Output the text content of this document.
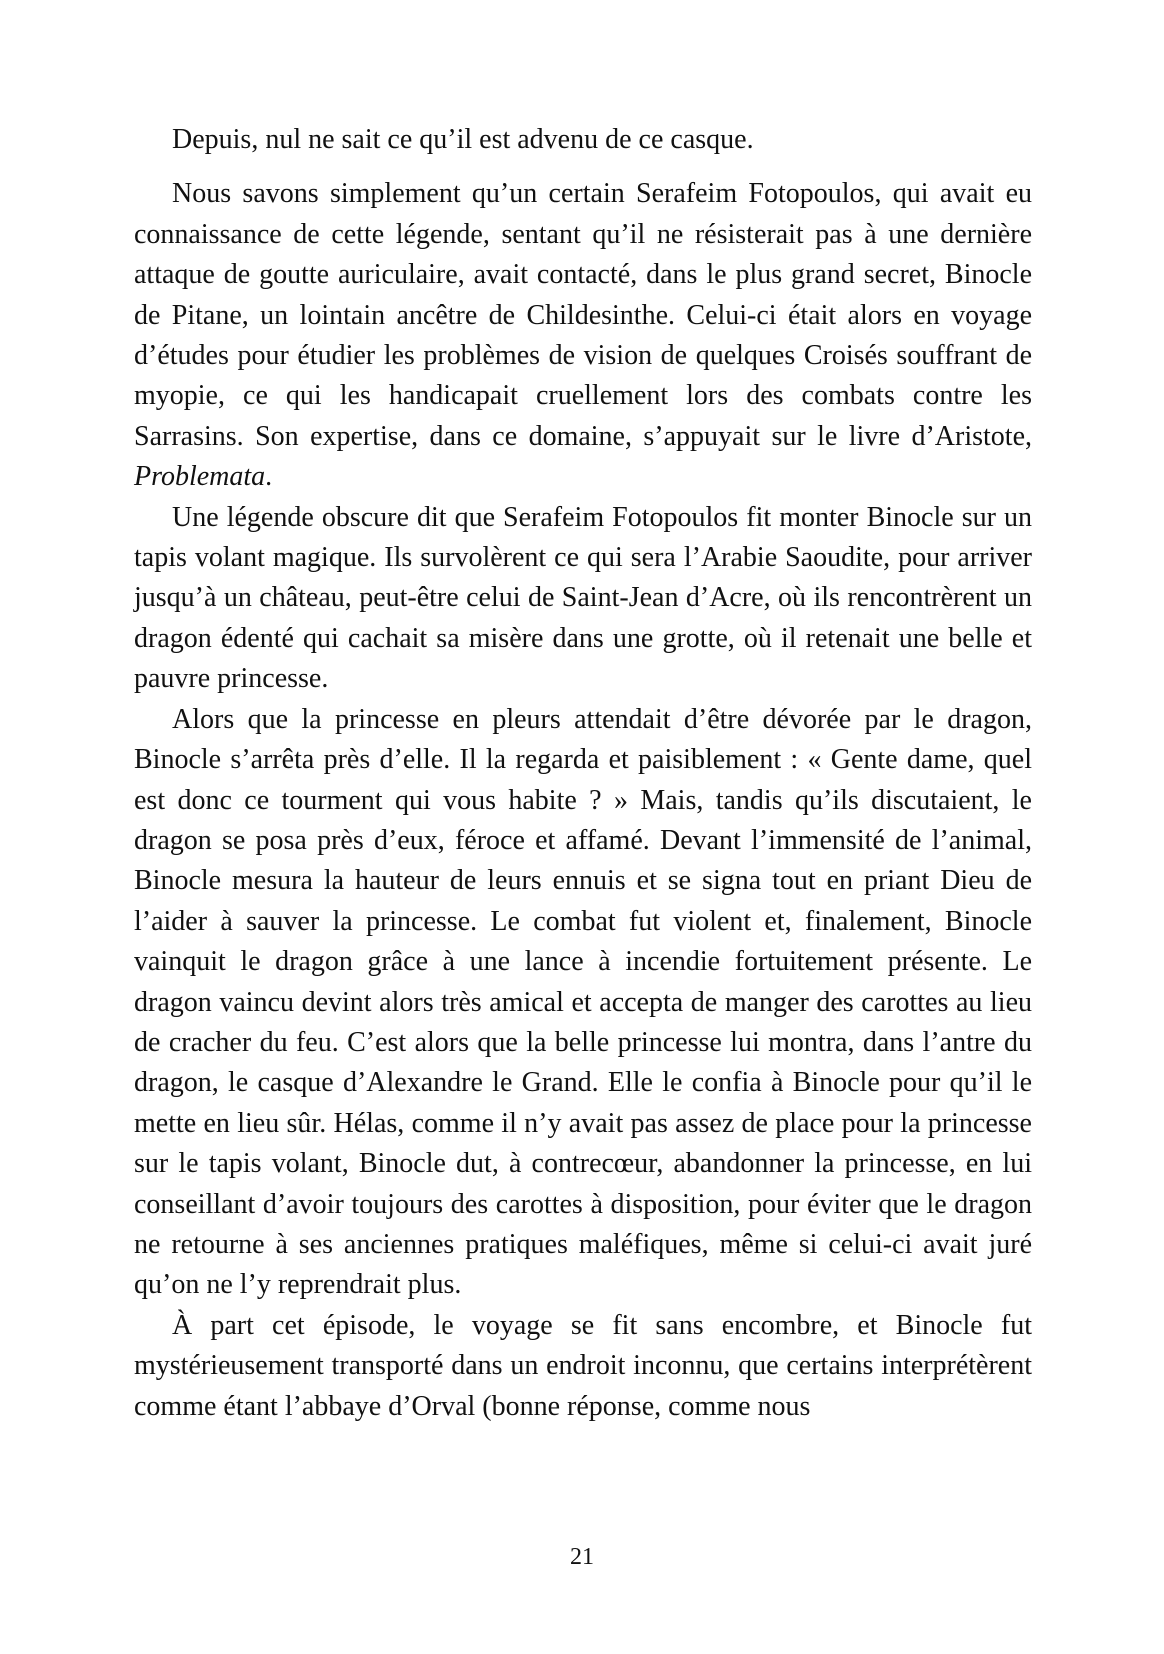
Depuis, nul ne sait ce qu’il est advenu de ce casque.

Nous savons simplement qu’un certain Serafeim Fotopoulos, qui avait eu connaissance de cette légende, sentant qu’il ne résisterait pas à une dernière attaque de goutte auriculaire, avait contacté, dans le plus grand secret, Binocle de Pitane, un lointain ancêtre de Childesinthe. Celui-ci était alors en voyage d’études pour étudier les problèmes de vision de quelques Croisés souffrant de myopie, ce qui les handicapait cruellement lors des combats contre les Sarrasins. Son expertise, dans ce domaine, s’appuyait sur le livre d’Aristote, Problemata.

Une légende obscure dit que Serafeim Fotopoulos fit monter Binocle sur un tapis volant magique. Ils survolèrent ce qui sera l’Arabie Saoudite, pour arriver jusqu’à un château, peut-être celui de Saint-Jean d’Acre, où ils rencontrèrent un dragon édenté qui cachait sa misère dans une grotte, où il retenait une belle et pauvre princesse.

Alors que la princesse en pleurs attendait d’être dévorée par le dragon, Binocle s’arrêta près d’elle. Il la regarda et paisiblement : « Gente dame, quel est donc ce tourment qui vous habite ? » Mais, tandis qu’ils discutaient, le dragon se posa près d’eux, féroce et affamé. Devant l’immensité de l’animal, Binocle mesura la hauteur de leurs ennuis et se signa tout en priant Dieu de l’aider à sauver la princesse. Le combat fut violent et, finalement, Binocle vainquit le dragon grâce à une lance à incendie fortuitement présente. Le dragon vaincu devint alors très amical et accepta de manger des carottes au lieu de cracher du feu. C’est alors que la belle princesse lui montra, dans l’antre du dragon, le casque d’Alexandre le Grand. Elle le confia à Binocle pour qu’il le mette en lieu sûr. Hélas, comme il n’y avait pas assez de place pour la princesse sur le tapis volant, Binocle dut, à contrecœur, abandonner la princesse, en lui conseillant d’avoir toujours des carottes à disposition, pour éviter que le dragon ne retourne à ses anciennes pratiques maléfiques, même si celui-ci avait juré qu’on ne l’y reprendrait plus.

À part cet épisode, le voyage se fit sans encombre, et Binocle fut mystérieusement transporté dans un endroit inconnu, que certains interprétèrent comme étant l’abbaye d’Orval (bonne réponse, comme nous

21
